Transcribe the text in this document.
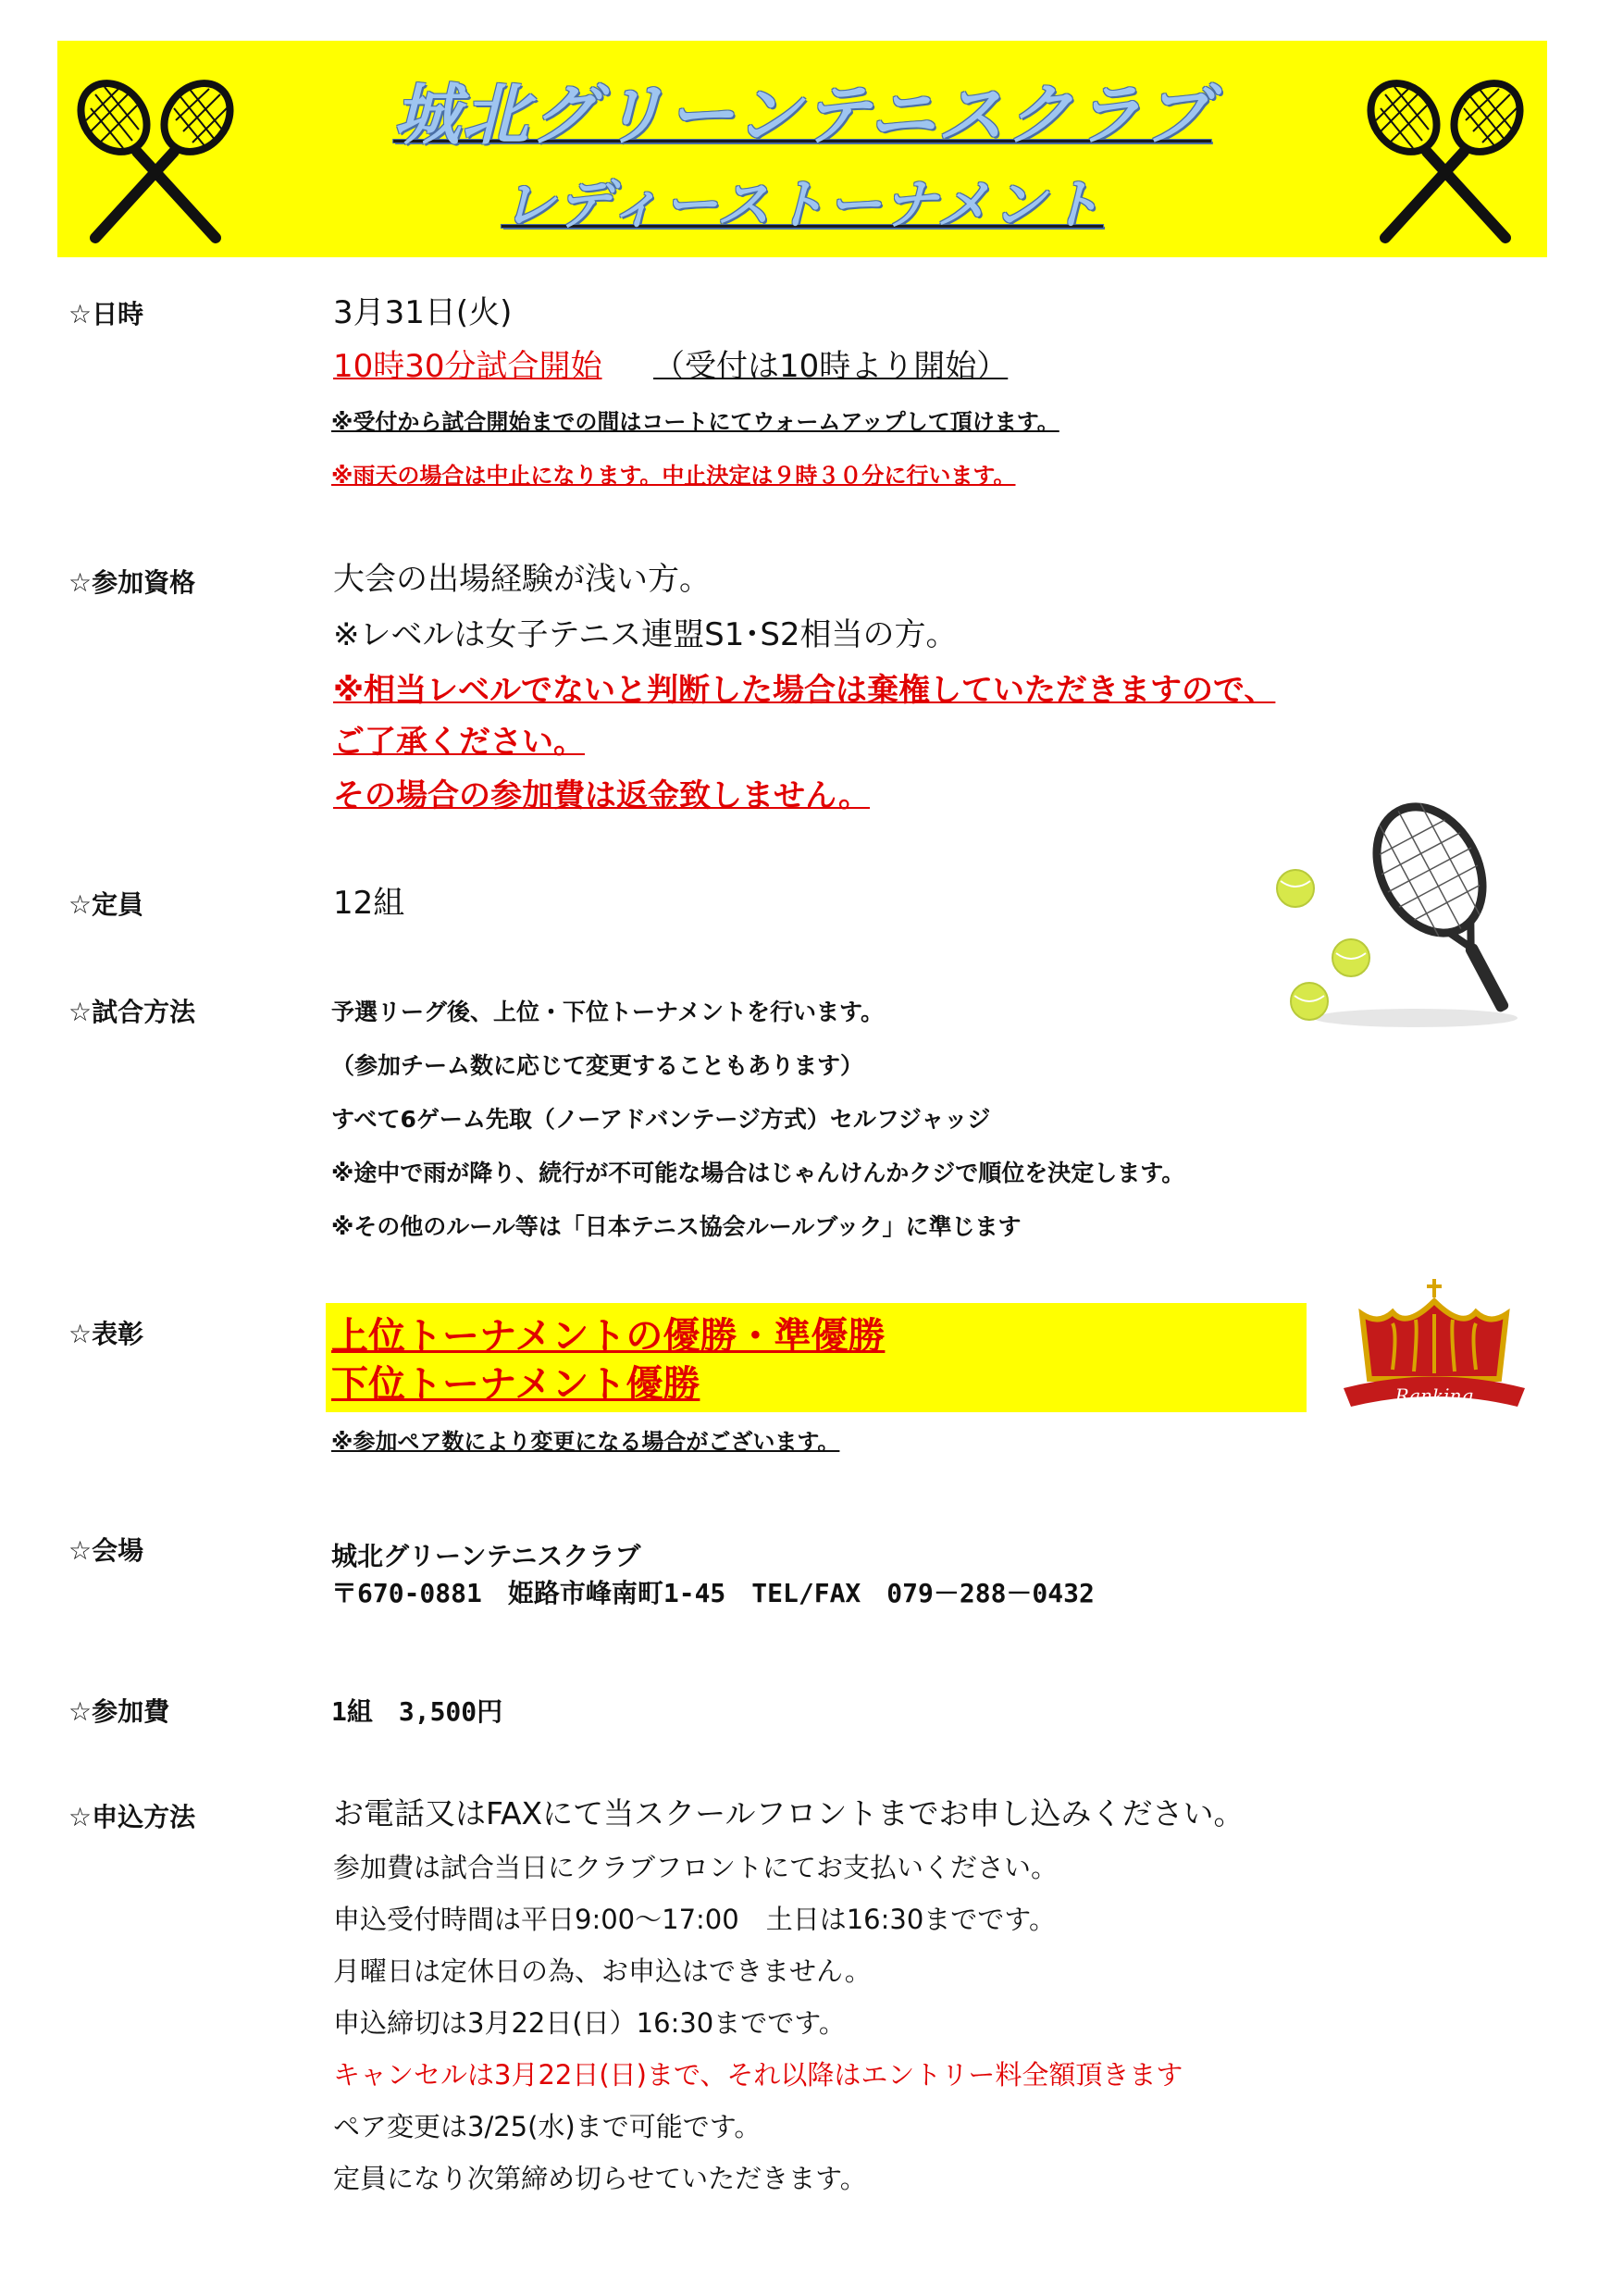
城北グリーンテニスクラブ
レディーストーナメント
☆日時	3月31日(火)
10時30分試合開始 （受付は10時より開始）
※受付から試合開始までの間はコートにてウォームアップして頂けます。
※雨天の場合は中止になります。中止決定は９時３０分に行います。
☆参加資格	大会の出場経験が浅い方。
※レベルは女子テニス連盟S1･S2相当の方。
※相当レベルでないと判断した場合は棄権していただきますので、
ご了承ください。
その場合の参加費は返金致しません。
☆定員	12組
☆試合方法	予選リーグ後、上位・下位トーナメントを行います。
（参加チーム数に応じて変更することもあります）
すべて6ゲーム先取（ノーアドバンテージ方式）セルフジャッジ
※途中で雨が降り、続行が不可能な場合はじゃんけんかクジで順位を決定します。
※その他のルール等は「日本テニス協会ルールブック」に準じます
☆表彰	上位トーナメントの優勝・準優勝
下位トーナメント優勝
※参加ペア数により変更になる場合がございます。
Ranking
☆会場	城北グリーンテニスクラブ
〒670-0881　姫路市峰南町1-45　TEL/FAX　079－288－0432
☆参加費	1組　3,500円
☆申込方法	お電話又はFAXにて当スクールフロントまでお申し込みください。
参加費は試合当日にクラブフロントにてお支払いください。
申込受付時間は平日9:00～17:00　土日は16:30までです。
月曜日は定休日の為、お申込はできません。
申込締切は3月22日(日）16:30までです。
キャンセルは3月22日(日)まで、それ以降はエントリー料全額頂きます
ペア変更は3/25(水)まで可能です。
定員になり次第締め切らせていただきます。
